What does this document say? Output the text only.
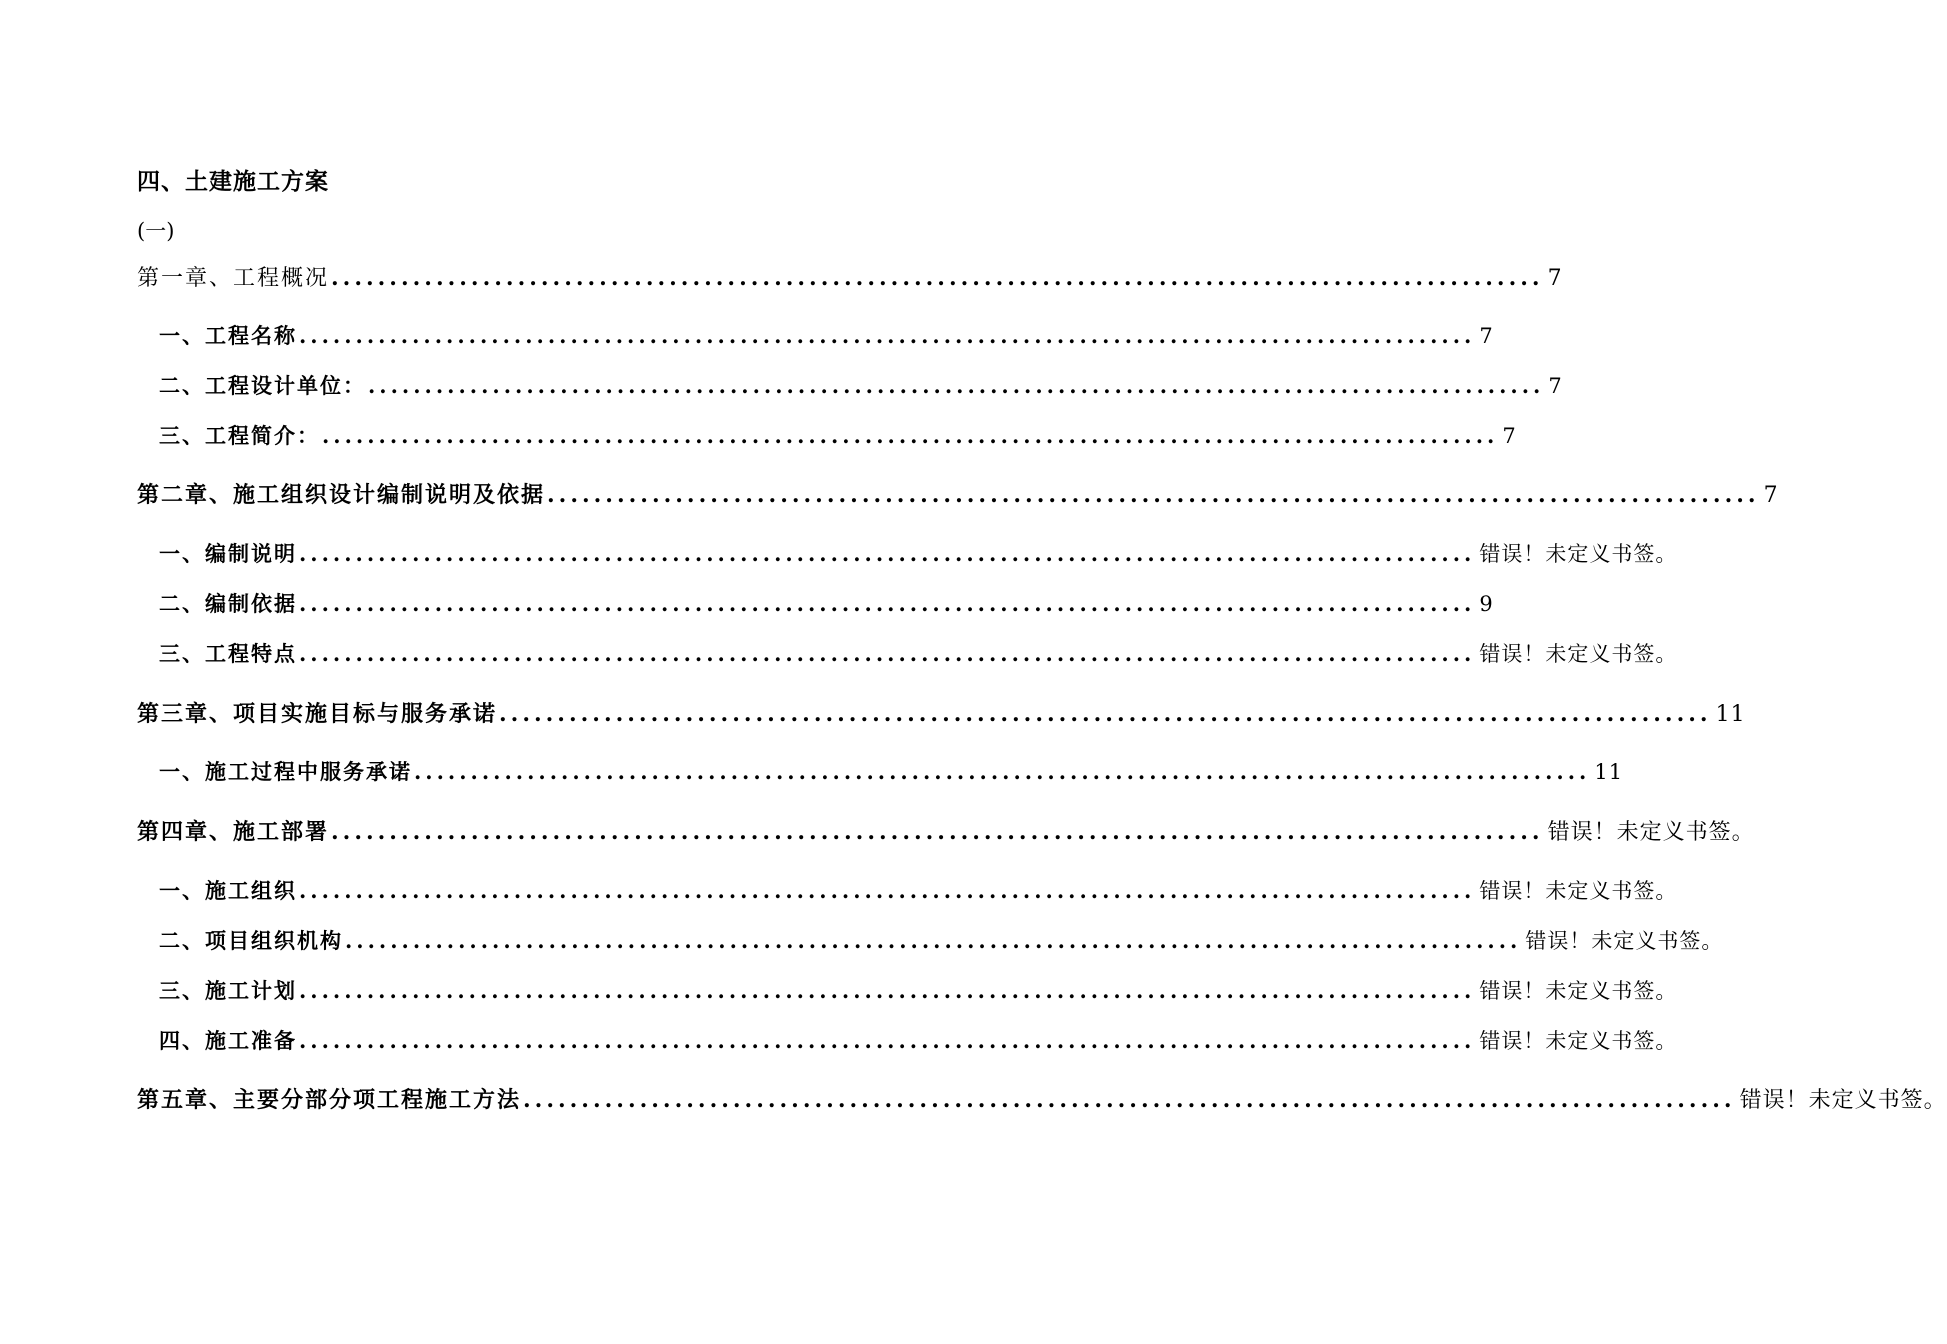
四、土建施工方案
(一)
第一章、工程概况 ........................................................................................................ 7
一、工程名称 ........................................................................................................ 7
二、工程设计单位： ........................................................................................................ 7
三、工程简介： ........................................................................................................ 7
第二章、施工组织设计编制说明及依据 ........................................................................................................ 7
一、编制说明 ........................................................................................................ 错误！未定义书签。
二、编制依据 ........................................................................................................ 9
三、工程特点 ........................................................................................................ 错误！未定义书签。
第三章、项目实施目标与服务承诺 ........................................................................................................ 11
一、施工过程中服务承诺 ........................................................................................................ 11
第四章、施工部署 ........................................................................................................ 错误！未定义书签。
一、施工组织 ........................................................................................................ 错误！未定义书签。
二、项目组织机构 ........................................................................................................ 错误！未定义书签。
三、施工计划 ........................................................................................................ 错误！未定义书签。
四、施工准备 ........................................................................................................ 错误！未定义书签。
第五章、主要分部分项工程施工方法 ........................................................................................................ 错误！未定义书签。
